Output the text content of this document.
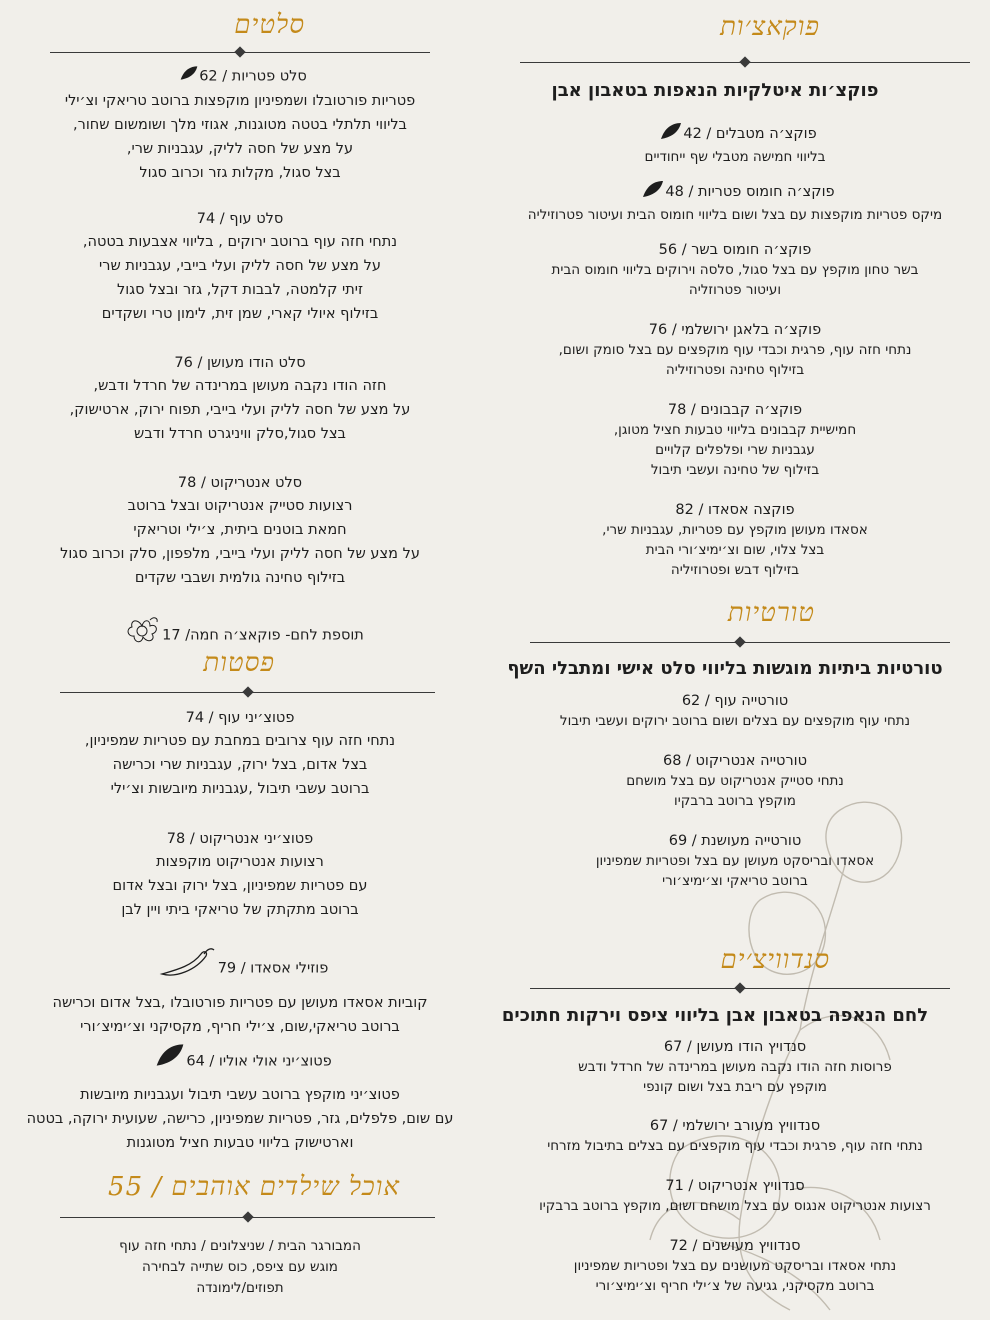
פוקאצ׳ות
פוקצ׳ות איטלקיות הנאפות בטאבון אבן
פוקצ׳ה מטבלים / 42
בליווי חמישה מטבלי שף ייחודיים
פוקצ׳ה חומוס פטריות / 48
מיקס פטריות מוקפצות עם בצל ושום בליווי חומוס הבית ועיטור פטרוזיליה
פוקצ׳ה חומוס בשר / 56
בשר טחון מוקפץ עם בצל סגול, סלסה וירוקים בליווי חומוס הבית
ועיטור פטרוזליה
פוקצ׳ה בלאגן ירושלמי / 76
נתחי חזה עוף, פרגית וכבדי עוף מוקפצים עם בצל סומק ושום,
בזילוף טחינה ופטרוזיליה
פוקצ׳ה קבבונים / 78
חמישיית קבבונים בליווי טבעות חציל מטוגן,
עגבניות שרי ופלפלים קלויים
בזילוף של טחינה ועשבי תיבול
פוקצה אסאדו / 82
אסאדו מעושן מוקפץ עם פטריות, עגבניות שרי,
בצל צלוי, שום וצ׳ימיצ׳ורי הבית
בזילוף דבש ופטרוזיליה
טורטיות
טורטיות ביתיות מוגשות בליווי סלט אישי ומתבלי השף
טורטייה עוף / 62
נתחי עוף מוקפצים עם בצלים ושום ברוטב ירוקים ועשבי תיבול
טורטייה אנטריקוט / 68
נתחי סטייק אנטריקוט עם בצל מושחם
מוקפץ ברוטב ברבקיו
טורטייה מעושנת / 69
אסאדו ובריסקט מעושן עם בצל ופטריות שמפיניון
ברוטב טריאקי וצ׳ימיצ׳ורי
סנדוויצ׳ים
לחם הנאפה בטאבון אבן בליווי ציפס וירקות חתוכים
סנדויץ הודו מעושן / 67
פרוסות חזה הודו נקבה מעושן במרינדה של חרדל ודבש
מוקפץ עם ריבת בצל ושום קונפי
סנדוויץ מעורב ירושלמי / 67
נתחי חזה עוף, פרגית וכבדי עוף מוקפצים עם בצלים בתיבול מזרחי
סנדוויץ אנטריקוט / 71
רצועות אנטריקוט אנגוס עם בצל מושחם ושום, מוקפץ ברוטב ברבקיו
סנדוויץ מעושנים / 72
נתחי אסאדו ובריסקט מעושנים עם בצל ופטריות שמפיניון
ברוטב מקסיקני, גגיעה של צ׳ילי חריף וצ׳ימיצ׳ורי
סלטים
סלט פטריות / 62
פטריות פורטובלו ושמפיניון מוקפצות ברוטב טריאקי וצ׳ילי
בליווי תלתלי בטטה מטוגנות, אגוזי מלך ושומשום שחור,
על מצע של חסה לליק, עגבניות שרי,
בצל סגול, מקלות גזר וכרוב סגול
סלט עוף / 74
נתחי חזה עוף ברוטב ירוקים , בליווי אצבעות בטטה,
על מצע של חסה לליק ועלי בייבי, עגבניות שרי
זיתי קלמטה, לבבות דקל, גזר ובצל סגול
בזילוף איולי קארי, שמן זית, לימון טרי ושקדים
סלט הודו מעושן / 76
חזה הודו נקבה מעושן במרינדה של חרדל ודבש,
על מצע של חסה לליק ועלי בייבי, תפוח ירוק, ארטישוק,
בצל סגול,סלק וויניגרט חרדל ודבש
סלט אנטריקוט / 78
רצועות סטייק אנטריקוט ובצל ברוטב
חמאת בוטנים ביתית, צ׳ילי וטריאקי
על מצע של חסה לליק ועלי בייבי, מלפפון, סלק וכרוב סגול
בזילוף טחינה גולמית ושבבי שקדים
תוספת לחם- פוקאצ׳ה חמה/ 17
פסטות
פטוצ׳יני עוף / 74
נתחי חזה עוף צרובים במחבת עם פטריות שמפיניון,
בצל אדום, בצל ירוק, עגבניות שרי וכרישה
ברוטב עשבי תיבול ,עגבניות מיובשות וצ׳ילי
פטוצ׳יני אנטריקוט / 78
רצועות אנטריקוט מוקפצות
עם פטריות שמפיניון, בצל ירוק ובצל אדום
ברוטב מתקתק של טריאקי ביתי ויין לבן
פוזילי אסאדו / 79
קוביות אסאדו מעושן עם פטריות פורטובלו ,בצל אדום וכרישה
ברוטב טריאקי,שום, צ׳ילי חריף, מקסיקני וצ׳ימיצ׳ורי
פטוצ׳יני אולי אוליו / 64
פטוצ׳יני מוקפץ ברוטב עשבי תיבול ועגבניות מיובשות
עם שום, פלפלים, גזר, פטריות שמפיניון, כרישה, שעועית ירוקה, בטטה
וארטישוק בליווי טבעות חציל מטוגנות
אוכל שילדים אוהבים / 55
המבורגר הבית / שניצלונים / נתחי חזה עוף
מוגש עם ציפס, כוס שתייה לבחירה
תפוזים/לימונדה
